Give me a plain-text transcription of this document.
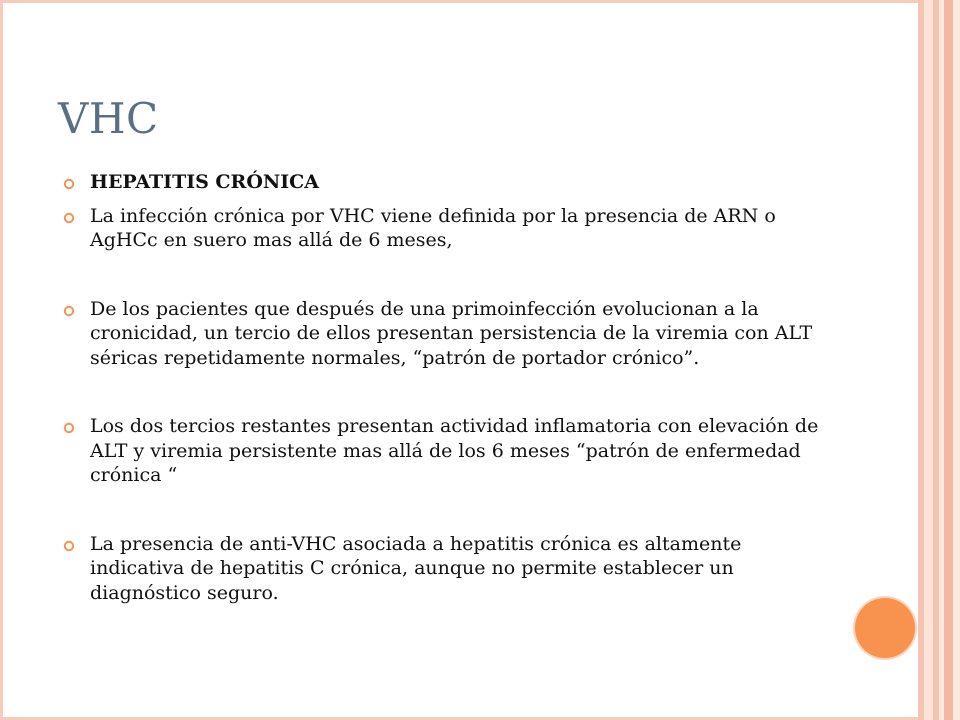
VHC
HEPATITIS CRÓNICA
La infección crónica por VHC viene definida por la presencia de ARN o AgHCc en suero mas allá de 6 meses,
De los pacientes que después de una primoinfección evolucionan a la cronicidad, un tercio de ellos presentan persistencia de la viremia con ALT séricas repetidamente normales, “patrón de portador crónico”.
Los dos tercios restantes presentan actividad inflamatoria con elevación de ALT y viremia persistente mas allá de los 6 meses “patrón de enfermedad crónica “
La presencia de anti-VHC asociada a hepatitis crónica es altamente indicativa de hepatitis C crónica, aunque no permite establecer un diagnóstico seguro.
